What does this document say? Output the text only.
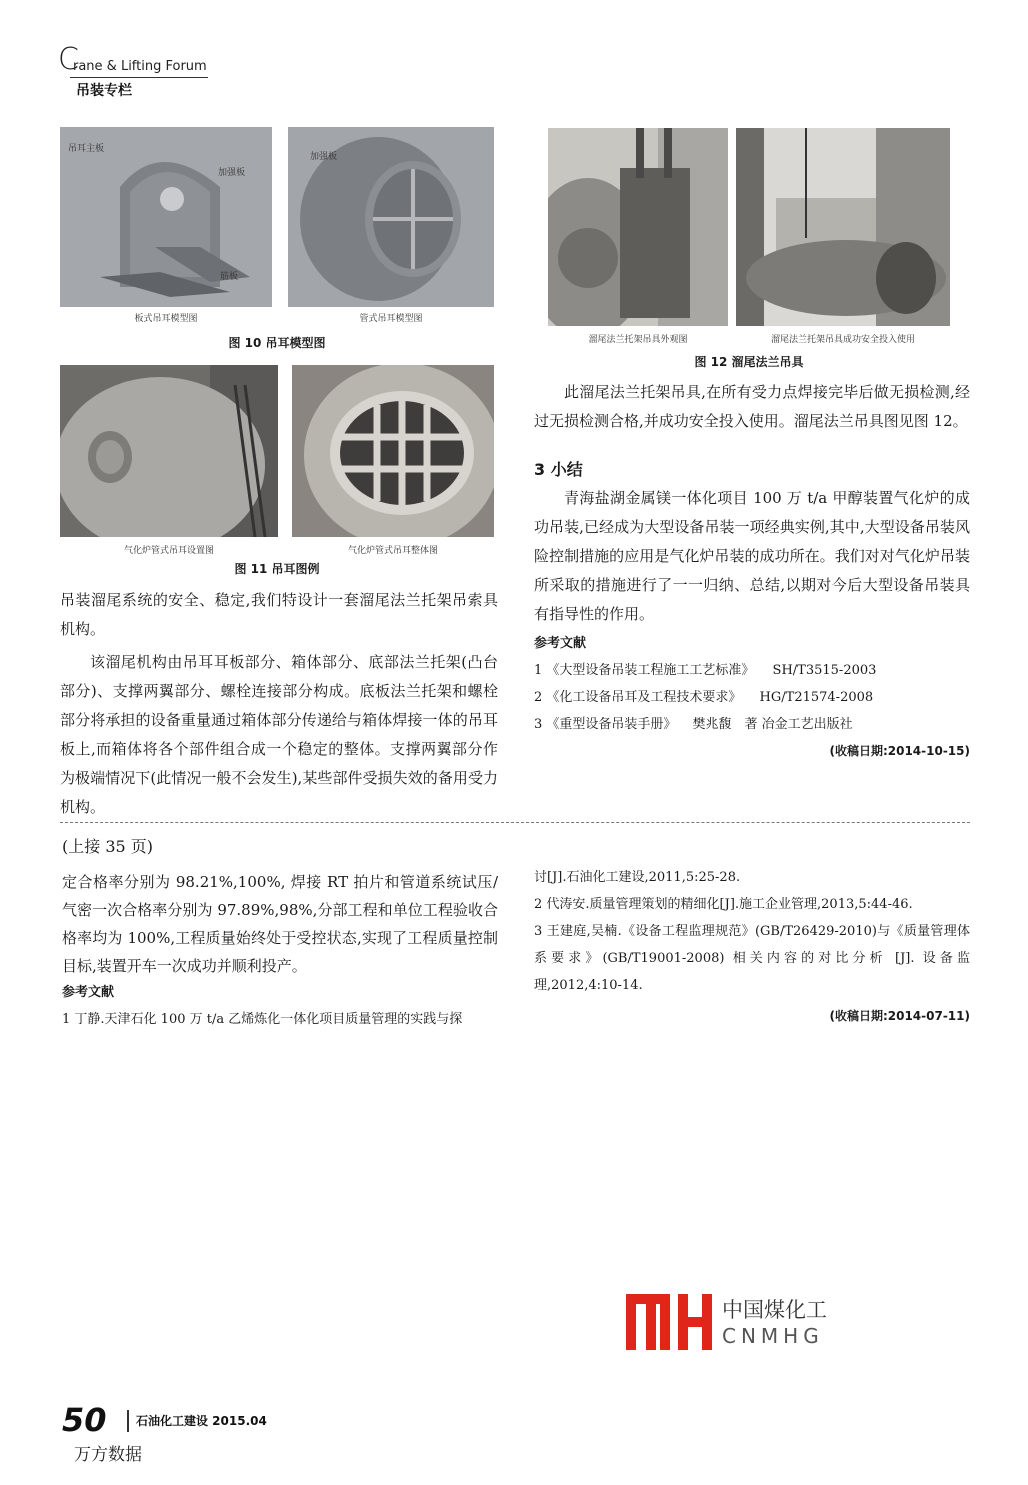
C
rane & Lifting Forum
吊装专栏
吊耳主板
加强板
筋板
板式吊耳模型图
加强板
管式吊耳模型图
图 10 吊耳模型图
气化炉管式吊耳设置图	气化炉管式吊耳整体图
图 11 吊耳图例

吊装溜尾系统的安全、稳定,我们特设计一套溜尾法兰托架吊索具机构。

该溜尾机构由吊耳耳板部分、箱体部分、底部法兰托架(凸台部分)、支撑两翼部分、螺栓连接部分构成。底板法兰托架和螺栓部分将承担的设备重量通过箱体部分传递给与箱体焊接一体的吊耳板上,而箱体将各个部件组合成一个稳定的整体。支撑两翼部分作为极端情况下(此情况一般不会发生),某些部件受损失效的备用受力机构。

溜尾法兰托架吊具外观图	溜尾法兰托架吊具成功安全投入使用
图 12 溜尾法兰吊具

此溜尾法兰托架吊具,在所有受力点焊接完毕后做无损检测,经过无损检测合格,并成功安全投入使用。溜尾法兰吊具图见图 12。

3 小结

青海盐湖金属镁一体化项目 100 万 t/a 甲醇装置气化炉的成功吊装,已经成为大型设备吊装一项经典实例,其中,大型设备吊装风险控制措施的应用是气化炉吊装的成功所在。我们对对气化炉吊装所采取的措施进行了一一归纳、总结,以期对今后大型设备吊装具有指导性的作用。

参考文献
1 《大型设备吊装工程施工工艺标准》 SH/T3515-2003
2 《化工设备吊耳及工程技术要求》 HG/T21574-2008
3 《重型设备吊装手册》 樊兆馥　著 冶金工艺出版社
(收稿日期:2014-10-15)
(上接 35 页)

定合格率分别为 98.21%,100%, 焊接 RT 拍片和管道系统试压/气密一次合格率分别为 97.89%,98%,分部工程和单位工程验收合格率均为 100%,工程质量始终处于受控状态,实现了工程质量控制目标,装置开车一次成功并顺利投产。

参考文献
1 丁静.天津石化 100 万 t/a 乙烯炼化一体化项目质量管理的实践与探
讨[J].石油化工建设,2011,5:25-28.
2 代涛安.质量管理策划的精细化[J].施工企业管理,2013,5:44-46.
3 王建庭,吴楠.《设备工程监理规范》(GB/T26429-2010)与《质量管理体系要求》(GB/T19001-2008) 相关内容的对比分析 [J]. 设备监理,2012,4:10-14.
(收稿日期:2014-07-11)
中国煤化工
CNMHG
50 石油化工建设 2015.04
万方数据
